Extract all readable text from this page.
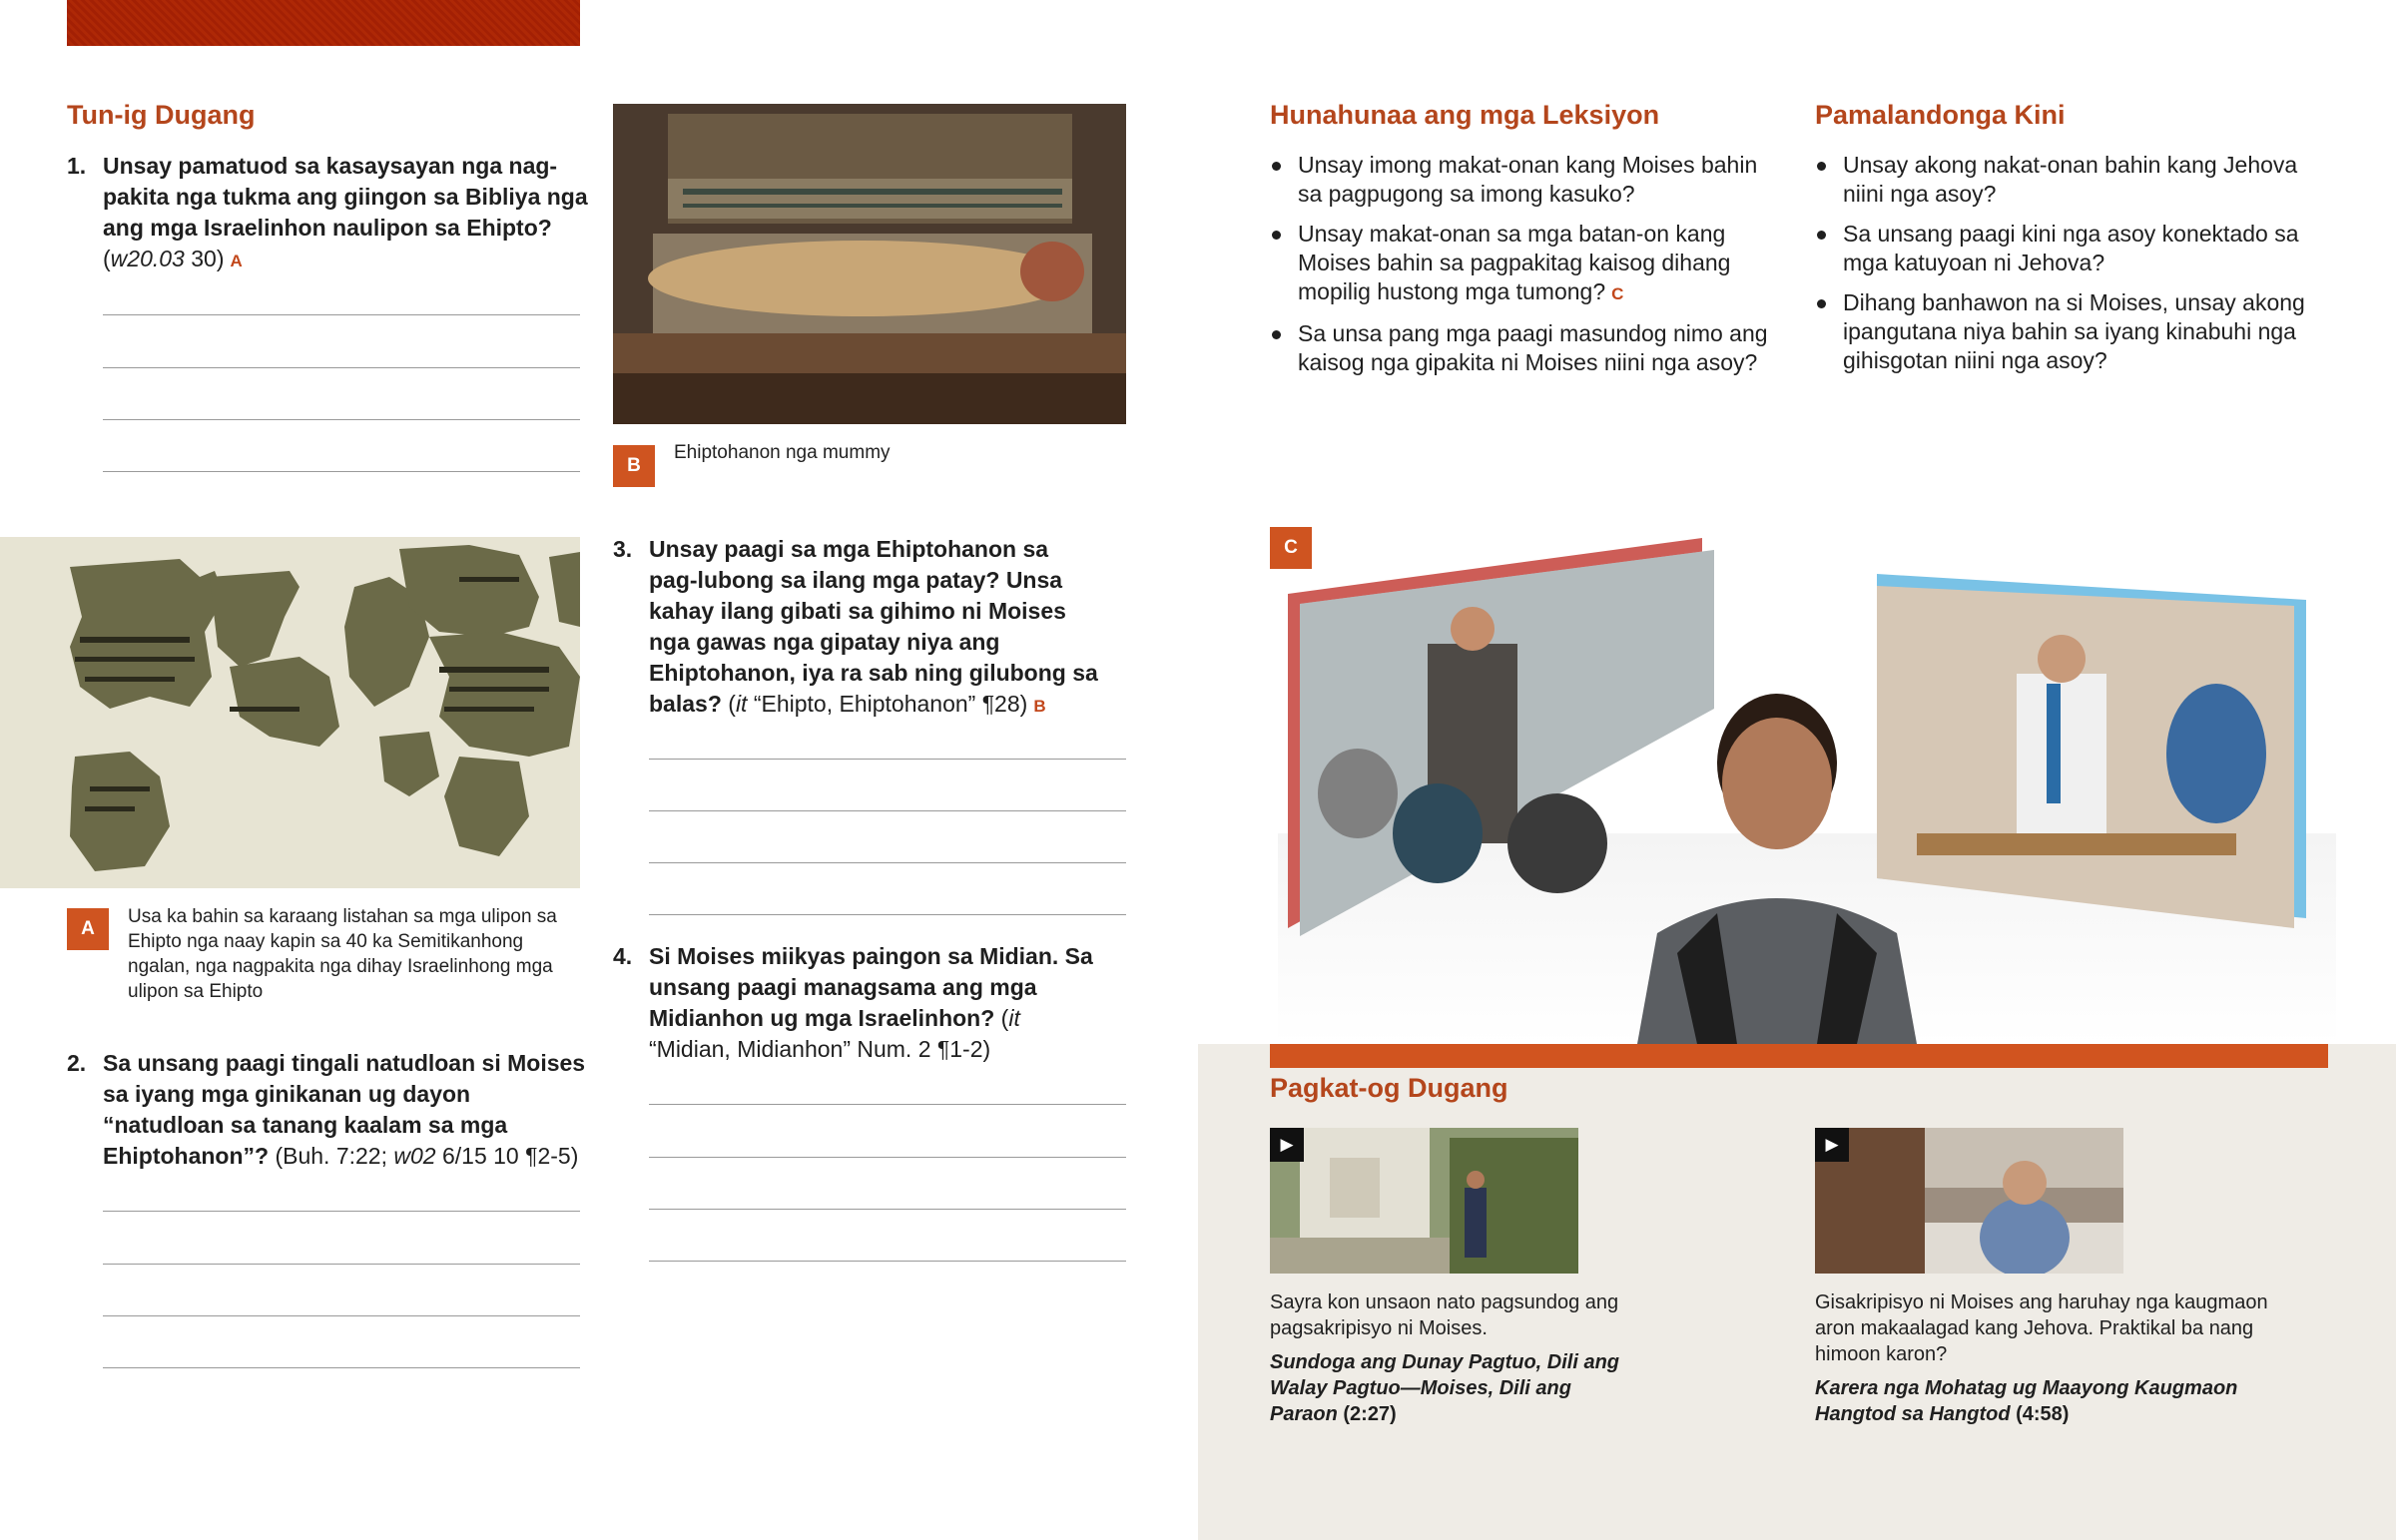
Tun-ig Dugang
1. Unsay pamatuod sa kasaysayan nga nag-pakita nga tukma ang giingon sa Bibliya nga ang mga Israelinhon naulipon sa Ehipto? (w20.03 30) A
A
Usa ka bahin sa karaang listahan sa mga ulipon sa Ehipto nga naay kapin sa 40 ka Semitikanhong ngalan, nga nagpakita nga dihay Israelinhong mga ulipon sa Ehipto
2. Sa unsang paagi tingali natudloan si Moises sa iyang mga ginikanan ug dayon “natudloan sa tanang kaalam sa mga Ehiptohanon”? (Buh. 7:22; w02 6/15 10 ¶2-5)
B
Ehiptohanon nga mummy
3. Unsay paagi sa mga Ehiptohanon sa pag-lubong sa ilang mga patay? Unsa kahay ilang gibati sa gihimo ni Moises nga gawas nga gipatay niya ang Ehiptohanon, iya ra sab ning gilubong sa balas? (it “Ehipto, Ehiptohanon” ¶28) B
4. Si Moises miikyas paingon sa Midian. Sa unsang paagi managsama ang mga Midianhon ug mga Israelinhon? (it “Midian, Midianhon” Num. 2 ¶1-2)
Hunahunaa ang mga Leksiyon
Unsay imong makat-onan kang Moises bahin sa pagpugong sa imong kasuko?
Unsay makat-onan sa mga batan-on kang Moises bahin sa pagpakitag kaisog dihang mopilig hustong mga tumong? C
Sa unsa pang mga paagi masundog nimo ang kaisog nga gipakita ni Moises niini nga asoy?
Pamalandonga Kini
Unsay akong nakat-onan bahin kang Jehova niini nga asoy?
Sa unsang paagi kini nga asoy konektado sa mga katuyoan ni Jehova?
Dihang banhawon na si Moises, unsay akong ipangutana niya bahin sa iyang kinabuhi nga gihisgotan niini nga asoy?
C
Pagkat-og Dugang
▶
Sayra kon unsaon nato pagsundog ang pagsakripisyo ni Moises.
Sundoga ang Dunay Pagtuo, Dili ang Walay Pagtuo—Moises, Dili ang Paraon (2:27)
▶
Gisakripisyo ni Moises ang haruhay nga kaugmaon aron makaalagad kang Jehova. Praktikal ba nang himoon karon?
Karera nga Mohatag ug Maayong Kaugmaon Hangtod sa Hangtod (4:58)
